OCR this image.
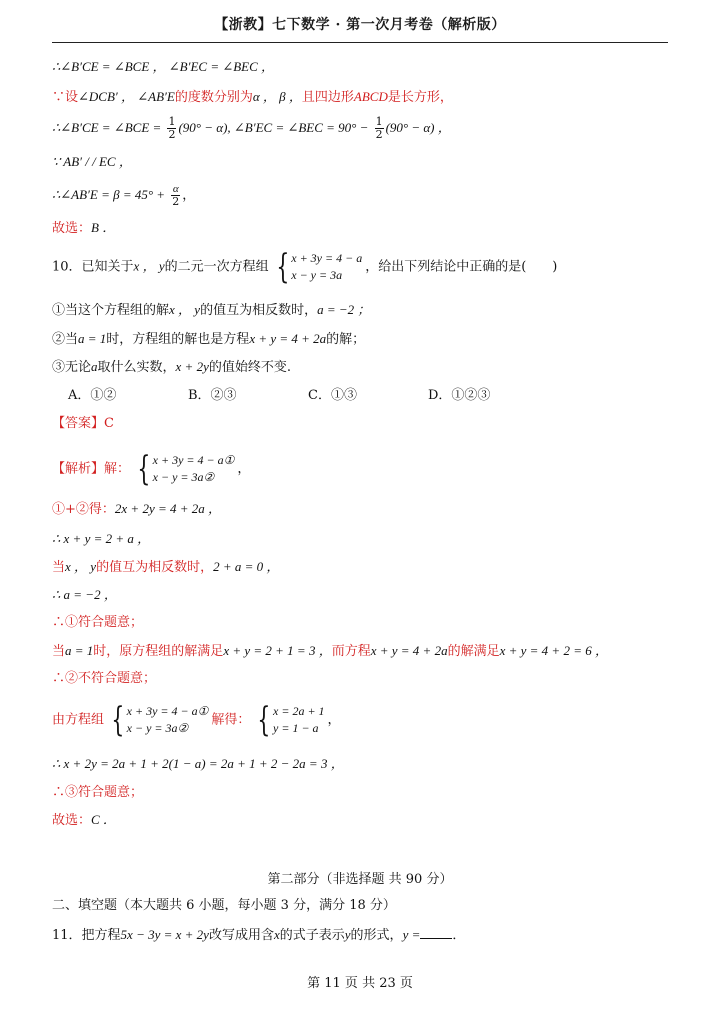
【浙教】七下数学 · 第一次月考卷（解析版）
∴∠B′CE = ∠BCE ， ∠B′EC = ∠BEC ，
∵设∠DCB′ ， ∠AB′E的度数分别为α ， β ，且四边形ABCD是长方形，
∴∠B′CE = ∠BCE = $\frac{1}{2} (90^\circ - \alpha)$, ∠B′EC = ∠BEC = $90^\circ - \frac{1}{2} (90^\circ - \alpha)$ ，
∵ AB′ / / EC ，
∴∠AB′E = $\beta = 45^\circ + \frac{\alpha}{2}$ ，
故选：B ．
10．已知关于x ， y的二元一次方程组 { x + 3y = 4 − a
x − y = 3a
，给出下列结论中正确的是(　　)
①当这个方程组的解x ， y的值互为相反数时，a = −2 ；
②当a = 1时，方程组的解也是方程x + y = 4 + 2a的解；
③无论a取什么实数，x + 2y的值始终不变.
A．①②	B．②③	C．①③	D．①②③
【答案】C
【解析】解： { x + 3y = 4 − a①
x − y = 3a②
，
①+②得：2x + 2y = 4 + 2a ，
∴ x + y = 2 + a ，
当x ， y的值互为相反数时，2 + a = 0 ，
∴ a = −2 ，
∴①符合题意；
当a = 1时，原方程组的解满足x + y = 2 + 1 = 3 ，而方程x + y = 4 + 2a的解满足x + y = 4 + 2 = 6 ，
∴②不符合题意；
由方程组 { x + 3y = 4 − a①
x − y = 3a②
解得： { x = 2a + 1
y = 1 − a
，
∴ x + 2y = 2a + 1 + 2(1 − a) = 2a + 1 + 2 − 2a = 3 ，
∴③符合题意；
故选：C ．
第二部分（非选择题 共 90 分）
二、填空题（本大题共 6 小题，每小题 3 分，满分 18 分）
11．把方程5x − 3y = x + 2y改写成用含x的式子表示y的形式，y = ．
第 11 页 共 23 页
